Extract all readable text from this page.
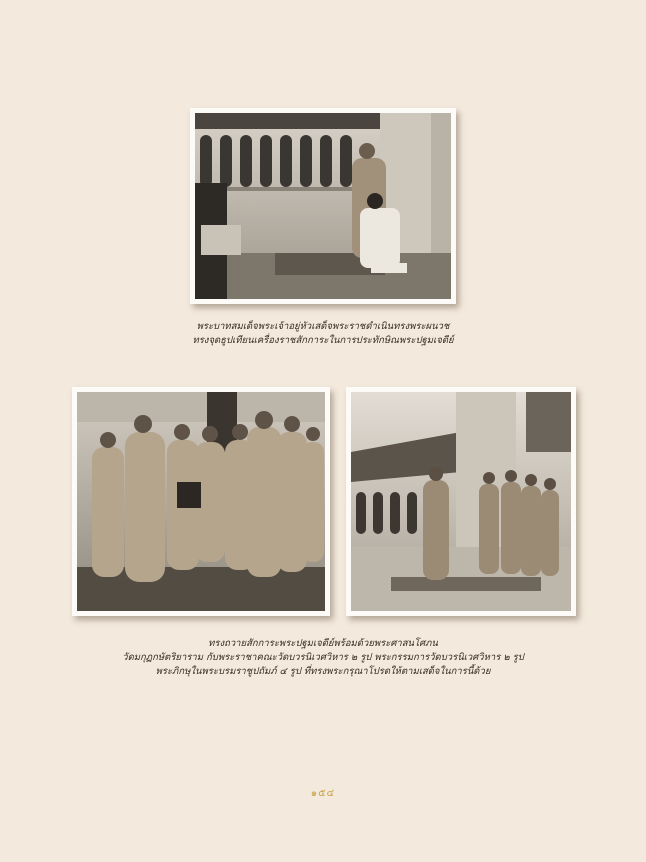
พระบาทสมเด็จพระเจ้าอยู่หัวเสด็จพระราชดำเนินทรงพระผนวช
ทรงจุดธูปเทียนเครื่องราชสักการะในการประทักษิณพระปฐมเจดีย์
ทรงถวายสักการะพระปฐมเจดีย์พร้อมด้วยพระศาสนโศภน
วัดมกุฏกษัตริยาราม กับพระราชาคณะวัดบวรนิเวศวิหาร ๒ รูป พระกรรมการวัดบวรนิเวศวิหาร ๒ รูป
พระภิกษุในพระบรมราชูปถัมภ์ ๔ รูป ที่ทรงพระกรุณาโปรดให้ตามเสด็จในการนี้ด้วย
๑๕๔
